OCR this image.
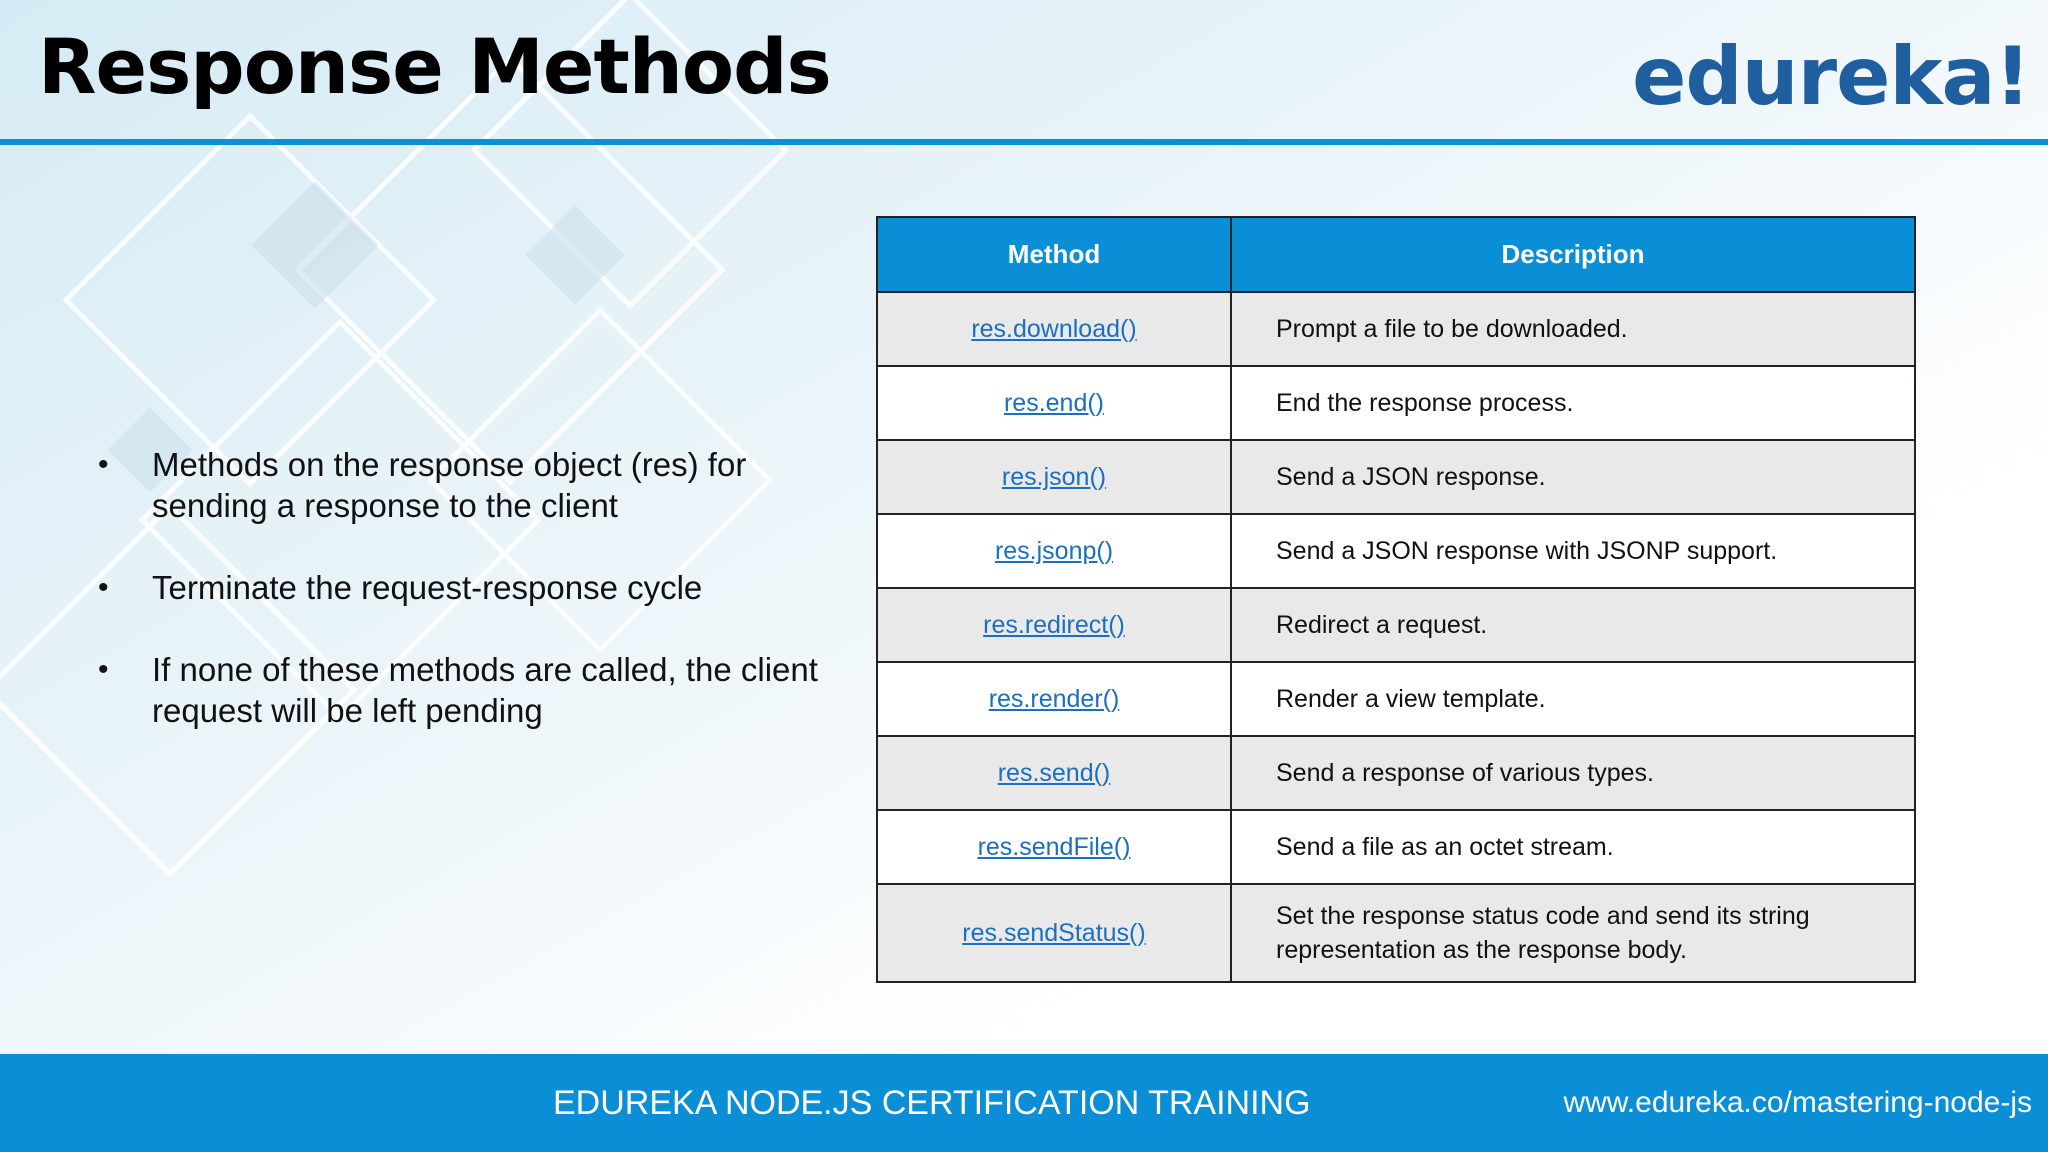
Response Methods	edureka!
• Methods on the response object (res) for sending a response to the client
• Terminate the request-response cycle
• If none of these methods are called, the client request will be left pending
Method	Description
res.download()	Prompt a file to be downloaded.
res.end()	End the response process.
res.json()	Send a JSON response.
res.jsonp()	Send a JSON response with JSONP support.
res.redirect()	Redirect a request.
res.render()	Render a view template.
res.send()	Send a response of various types.
res.sendFile()	Send a file as an octet stream.
res.sendStatus()	Set the response status code and send its string representation as the response body.
EDUREKA NODE.JS CERTIFICATION TRAINING	www.edureka.co/mastering-node-js
